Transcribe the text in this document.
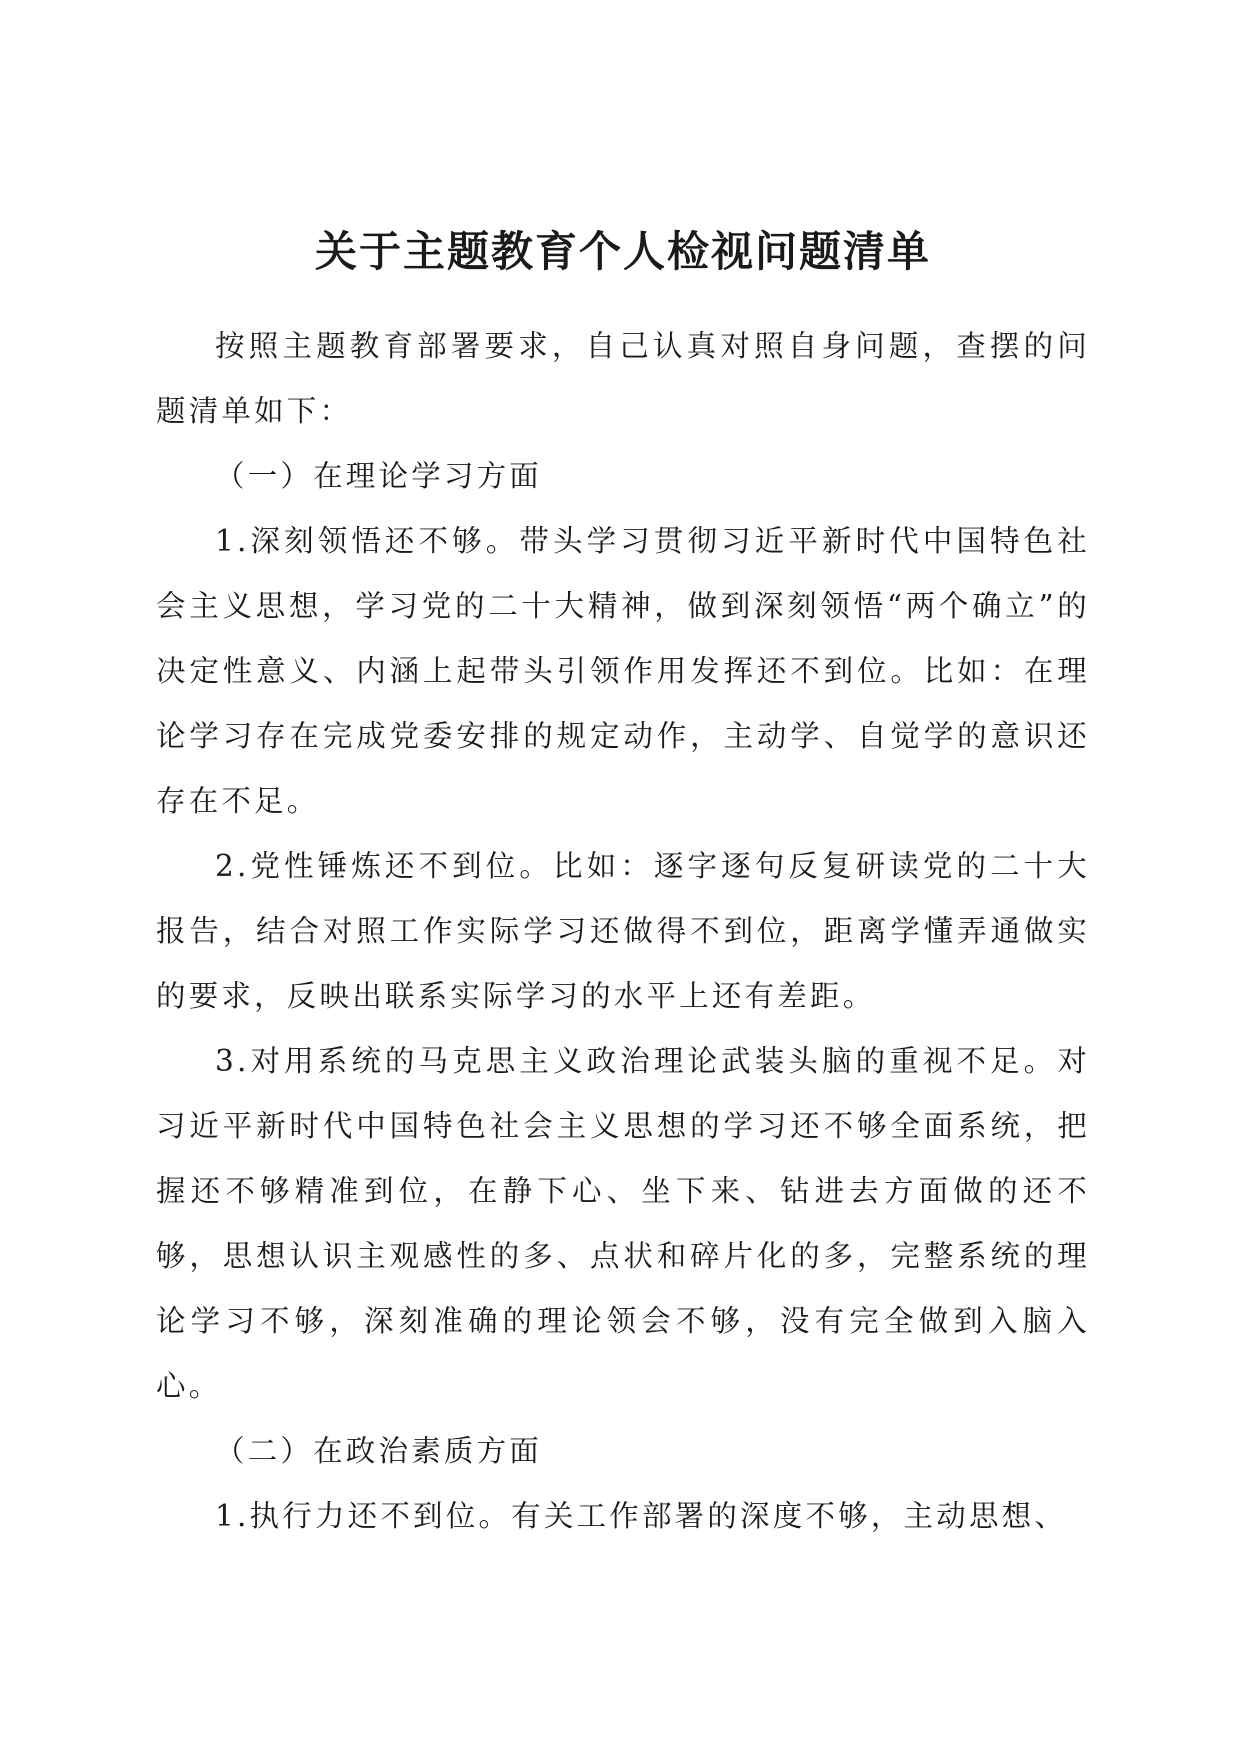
关于主题教育个人检视问题清单

按照主题教育部署要求，自己认真对照自身问题，查摆的问题清单如下：

（一）在理论学习方面

1.深刻领悟还不够。带头学习贯彻习近平新时代中国特色社会主义思想，学习党的二十大精神，做到深刻领悟“两个确立”的决定性意义、内涵上起带头引领作用发挥还不到位。比如：在理论学习存在完成党委安排的规定动作，主动学、自觉学的意识还存在不足。

2.党性锤炼还不到位。比如：逐字逐句反复研读党的二十大报告，结合对照工作实际学习还做得不到位，距离学懂弄通做实的要求，反映出联系实际学习的水平上还有差距。

3.对用系统的马克思主义政治理论武装头脑的重视不足。对习近平新时代中国特色社会主义思想的学习还不够全面系统，把握还不够精准到位，在静下心、坐下来、钻进去方面做的还不够，思想认识主观感性的多、点状和碎片化的多，完整系统的理论学习不够，深刻准确的理论领会不够，没有完全做到入脑入心。

（二）在政治素质方面

1.执行力还不到位。有关工作部署的深度不够，主动思想、
